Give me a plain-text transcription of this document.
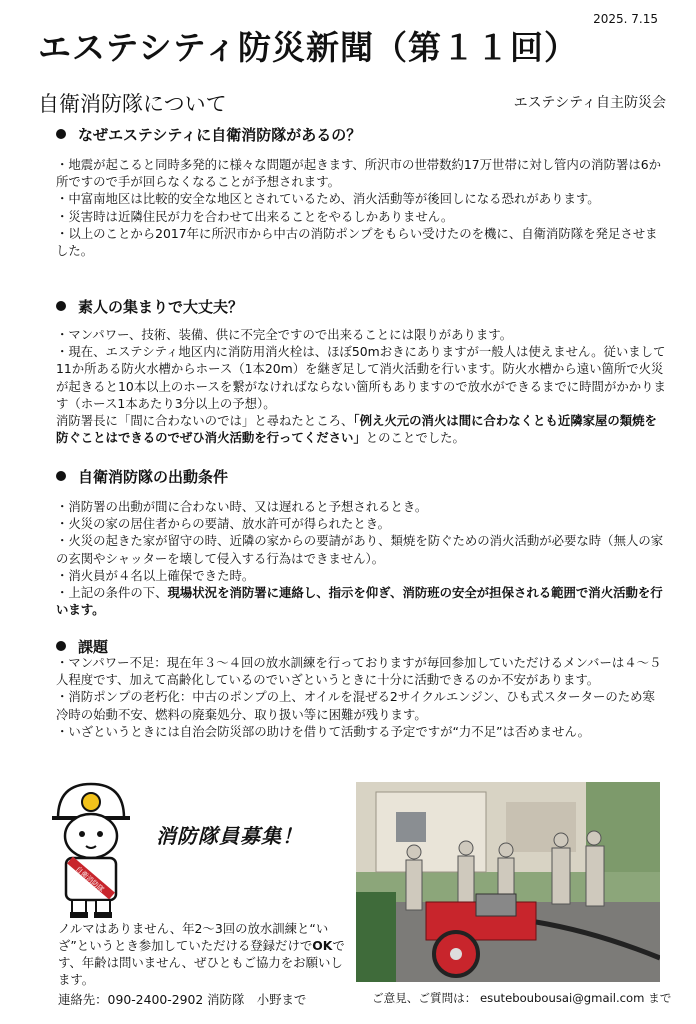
2025. 7.15
エステシティ防災新聞（第１１回）
自衛消防隊について	エステシティ自主防災会
なぜエステシティに自衛消防隊があるの？

・地震が起こると同時多発的に様々な問題が起きます、所沢市の世帯数約17万世帯に対し管内の消防署は6か所ですので手が回らなくなることが予想されます。

・中富南地区は比較的安全な地区とされているため、消火活動等が後回しになる恐れがあります。

・災害時は近隣住民が力を合わせて出来ることをやるしかありません。

・以上のことから2017年に所沢市から中古の消防ポンプをもらい受けたのを機に、自衛消防隊を発足させました。

素人の集まりで大丈夫？

・マンパワー、技術、装備、供に不完全ですので出来ることには限りがあります。

・現在、エステシティ地区内に消防用消火栓は、ほぼ50mおきにありますが一般人は使えません。従いまして11か所ある防火水槽からホース（1本20m）を継ぎ足して消火活動を行います。防火水槽から遠い箇所で火災が起きると10本以上のホースを繋がなければならない箇所もありますので放水ができるまでに時間がかかります（ホース1本あたり3分以上の予想）。

消防署長に「間に合わないのでは」と尋ねたところ、「例え火元の消火は間に合わなくとも近隣家屋の類焼を防ぐことはできるのでぜひ消火活動を行ってください」とのことでした。

自衛消防隊の出動条件

・消防署の出動が間に合わない時、又は遅れると予想されるとき。

・火災の家の居住者からの要請、放水許可が得られたとき。

・火災の起きた家が留守の時、近隣の家からの要請があり、類焼を防ぐための消火活動が必要な時（無人の家の玄関やシャッターを壊して侵入する行為はできません）。

・消火員が４名以上確保できた時。

・上記の条件の下、現場状況を消防署に連絡し、指示を仰ぎ、消防班の安全が担保される範囲で消火活動を行います。

課題

・マンパワー不足：現在年３～４回の放水訓練を行っておりますが毎回参加していただけるメンバーは４～５人程度です、加えて高齢化しているのでいざというときに十分に活動できるのか不安があります。

・消防ポンプの老朽化：中古のポンプの上、オイルを混ぜる2サイクルエンジン、ひも式スターターのため寒冷時の始動不安、燃料の廃棄処分、取り扱い等に困難が残ります。

・いざというときには自治会防災部の助けを借りて活動する予定ですが“力不足”は否めません。

自衛消防隊
消防隊員募集！

ノルマはありません、年2～3回の放水訓練と“いざ”というとき参加していただける登録だけでOKです、年齢は問いません、ぜひともご協力をお願いします。

連絡先：090-2400-2902 消防隊　小野まで	ご意見、ご質問は： esuteboubousai@gmail.com まで
